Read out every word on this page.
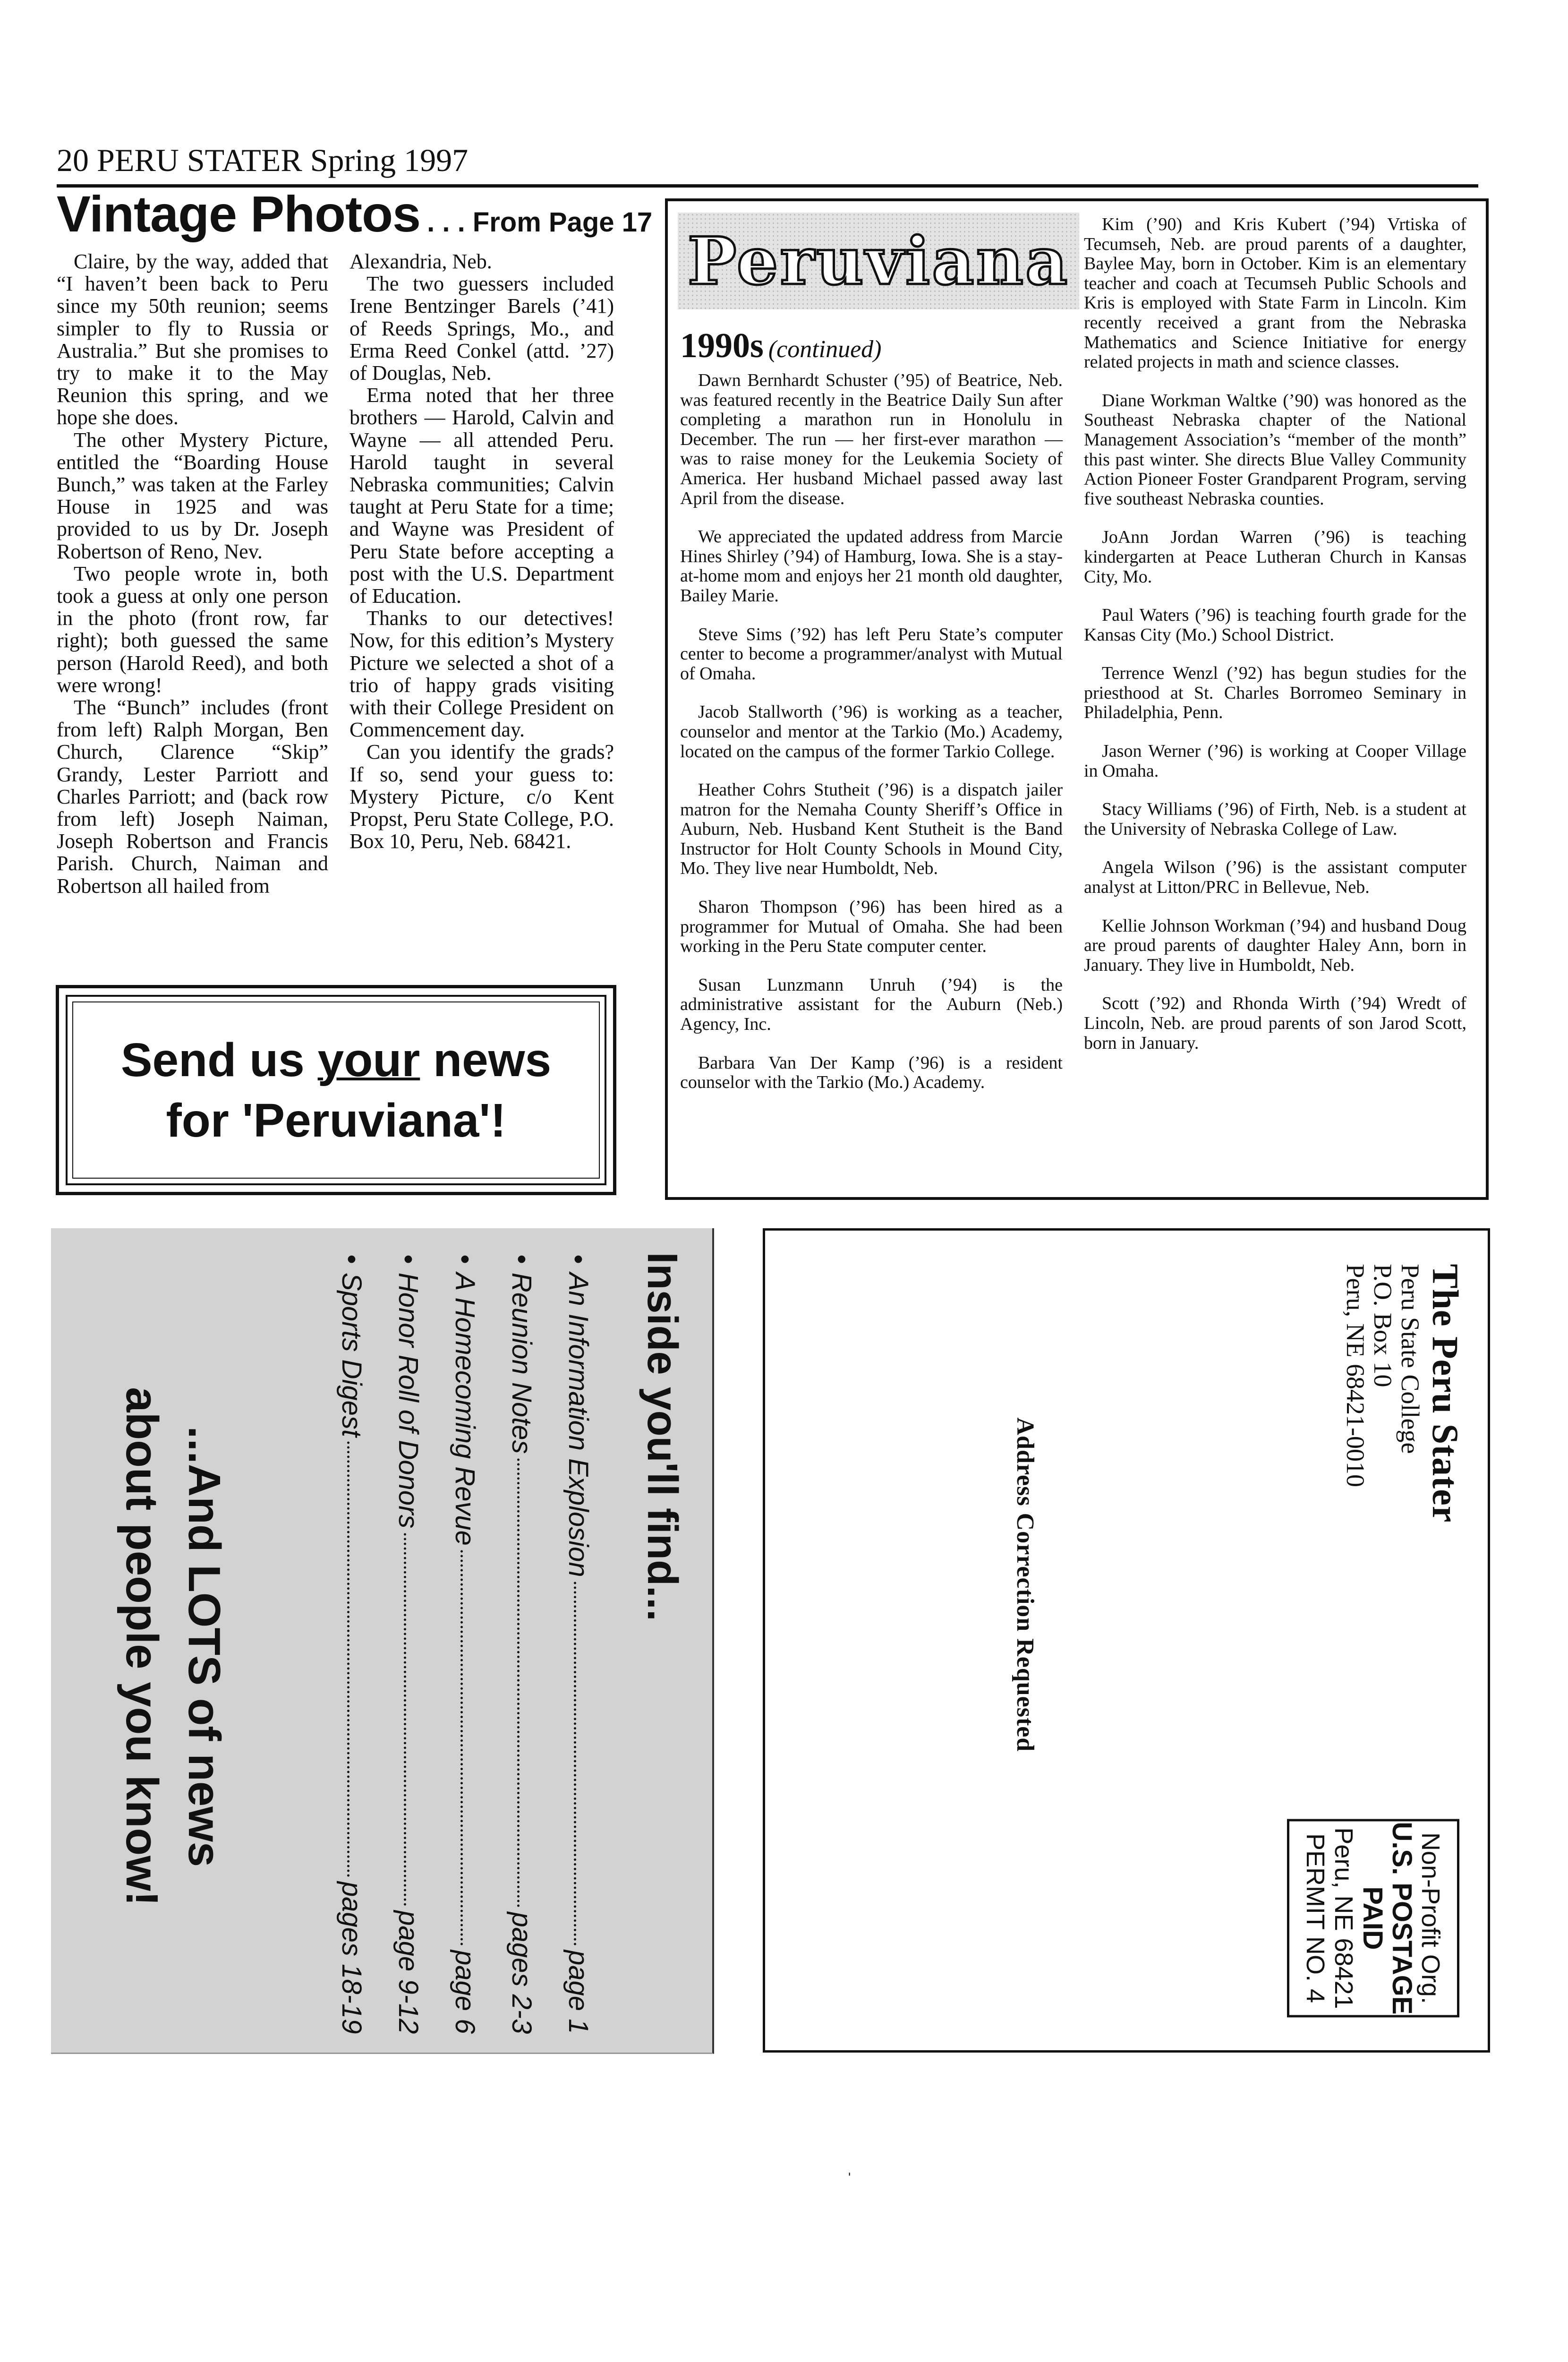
20 PERU STATER Spring 1997
Vintage Photos . . . From Page 17

Claire, by the way, added that “I haven’t been back to Peru since my 50th reunion; seems simpler to fly to Russia or Australia.” But she promises to try to make it to the May Reunion this spring, and we hope she does.

The other Mystery Picture, entitled the “Boarding House Bunch,” was taken at the Farley House in 1925 and was provided to us by Dr. Joseph Robertson of Reno, Nev.

Two people wrote in, both took a guess at only one person in the photo (front row, far right); both guessed the same person (Harold Reed), and both were wrong!

The “Bunch” includes (front from left) Ralph Morgan, Ben Church, Clarence “Skip” Grandy, Lester Parriott and Charles Parriott; and (back row from left) Joseph Naiman, Joseph Robertson and Francis Parish. Church, Naiman and Robertson all hailed from

Alexandria, Neb.

The two guessers included Irene Bentzinger Barels (’41) of Reeds Springs, Mo., and Erma Reed Conkel (attd. ’27) of Douglas, Neb.

Erma noted that her three brothers — Harold, Calvin and Wayne — all attended Peru. Harold taught in several Nebraska communities; Calvin taught at Peru State for a time; and Wayne was President of Peru State before accepting a post with the U.S. Department of Education.

Thanks to our detectives! Now, for this edition’s Mystery Picture we selected a shot of a trio of happy grads visiting with their College President on Commencement day.

Can you identify the grads? If so, send your guess to: Mystery Picture, c/o Kent Propst, Peru State College, P.O. Box 10, Peru, Neb. 68421.

Send us your news
for 'Peruviana'!
Peruviana
1990s (continued)

Dawn Bernhardt Schuster (’95) of Beatrice, Neb. was featured recently in the Beatrice Daily Sun after completing a marathon run in Honolulu in December. The run — her first-ever marathon — was to raise money for the Leukemia Society of America. Her husband Michael passed away last April from the disease.

We appreciated the updated address from Marcie Hines Shirley (’94) of Hamburg, Iowa. She is a stay-at-home mom and enjoys her 21 month old daughter, Bailey Marie.

Steve Sims (’92) has left Peru State’s computer center to become a programmer/analyst with Mutual of Omaha.

Jacob Stallworth (’96) is working as a teacher, counselor and mentor at the Tarkio (Mo.) Academy, located on the campus of the former Tarkio College.

Heather Cohrs Stutheit (’96) is a dispatch jailer matron for the Nemaha County Sheriff’s Office in Auburn, Neb. Husband Kent Stutheit is the Band Instructor for Holt County Schools in Mound City, Mo. They live near Humboldt, Neb.

Sharon Thompson (’96) has been hired as a programmer for Mutual of Omaha. She had been working in the Peru State computer center.

Susan Lunzmann Unruh (’94) is the administrative assistant for the Auburn (Neb.) Agency, Inc.

Barbara Van Der Kamp (’96) is a resident counselor with the Tarkio (Mo.) Academy.

Kim (’90) and Kris Kubert (’94) Vrtiska of Tecumseh, Neb. are proud parents of a daughter, Baylee May, born in October. Kim is an elementary teacher and coach at Tecumseh Public Schools and Kris is employed with State Farm in Lincoln. Kim recently received a grant from the Nebraska Mathematics and Science Initiative for energy related projects in math and science classes.

Diane Workman Waltke (’90) was honored as the Southeast Nebraska chapter of the National Management Association’s “member of the month” this past winter. She directs Blue Valley Community Action Pioneer Foster Grandparent Program, serving five southeast Nebraska counties.

JoAnn Jordan Warren (’96) is teaching kindergarten at Peace Lutheran Church in Kansas City, Mo.

Paul Waters (’96) is teaching fourth grade for the Kansas City (Mo.) School District.

Terrence Wenzl (’92) has begun studies for the priesthood at St. Charles Borromeo Seminary in Philadelphia, Penn.

Jason Werner (’96) is working at Cooper Village in Omaha.

Stacy Williams (’96) of Firth, Neb. is a student at the University of Nebraska College of Law.

Angela Wilson (’96) is the assistant computer analyst at Litton/PRC in Bellevue, Neb.

Kellie Johnson Workman (’94) and husband Doug are proud parents of daughter Haley Ann, born in January. They live in Humboldt, Neb.

Scott (’92) and Rhonda Wirth (’94) Wredt of Lincoln, Neb. are proud parents of son Jarod Scott, born in January.

Inside you'll find...
•
An Information Explosion
page 1
•
Reunion Notes
pages 2-3
•
A Homecoming Revue
page 6
•
Honor Roll of Donors
page 9-12
•
Sports Digest
pages 18-19
...And LOTS of news
about people you know!	The Peru Stater
Peru State College
P.O. Box 10
Peru, NE 68421-0010
Address Correction Requested
Non-Profit Org.
U.S. POSTAGE
PAID
Peru, NE 68421
PERMIT NO. 4
ˌ
